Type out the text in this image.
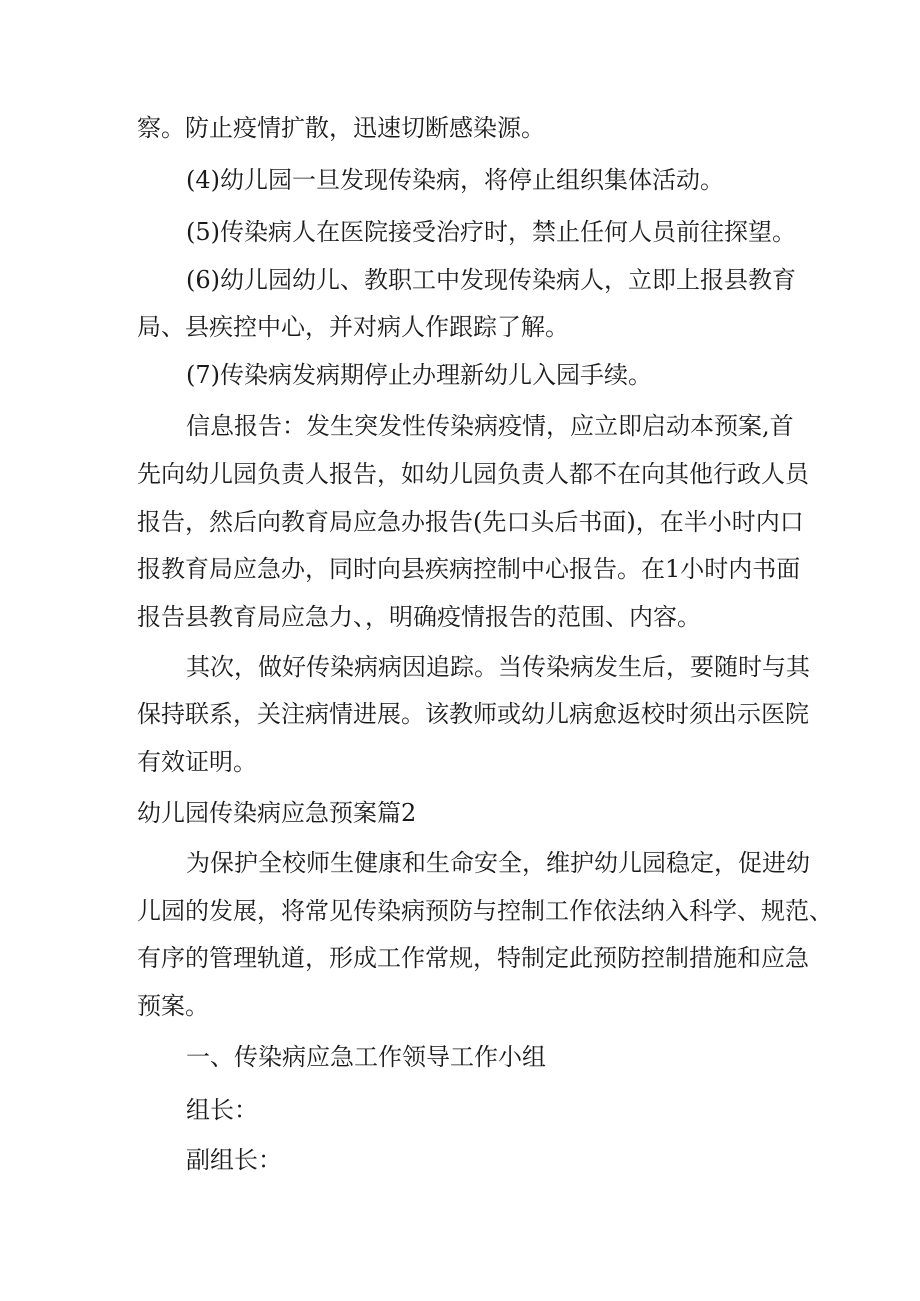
察。防止疫情扩散，迅速切断感染源。
(4)幼儿园一旦发现传染病，将停止组织集体活动。
(5)传染病人在医院接受治疗时，禁止任何人员前往探望。
(6)幼儿园幼儿、教职工中发现传染病人，立即上报县教育
局、县疾控中心，并对病人作跟踪了解。
(7)传染病发病期停止办理新幼儿入园手续。
信息报告：发生突发性传染病疫情，应立即启动本预案,首
先向幼儿园负责人报告，如幼儿园负责人都不在向其他行政人员
报告，然后向教育局应急办报告(先口头后书面)，在半小时内口
报教育局应急办，同时向县疾病控制中心报告。在1小时内书面
报告县教育局应急力、，明确疫情报告的范围、内容。
其次，做好传染病病因追踪。当传染病发生后，要随时与其
保持联系，关注病情进展。该教师或幼儿病愈返校时须出示医院
有效证明。
幼儿园传染病应急预案篇2
为保护全校师生健康和生命安全，维护幼儿园稳定，促进幼
儿园的发展，将常见传染病预防与控制工作依法纳入科学、规范、
有序的管理轨道，形成工作常规，特制定此预防控制措施和应急
预案。
一、传染病应急工作领导工作小组
组长：
副组长：
